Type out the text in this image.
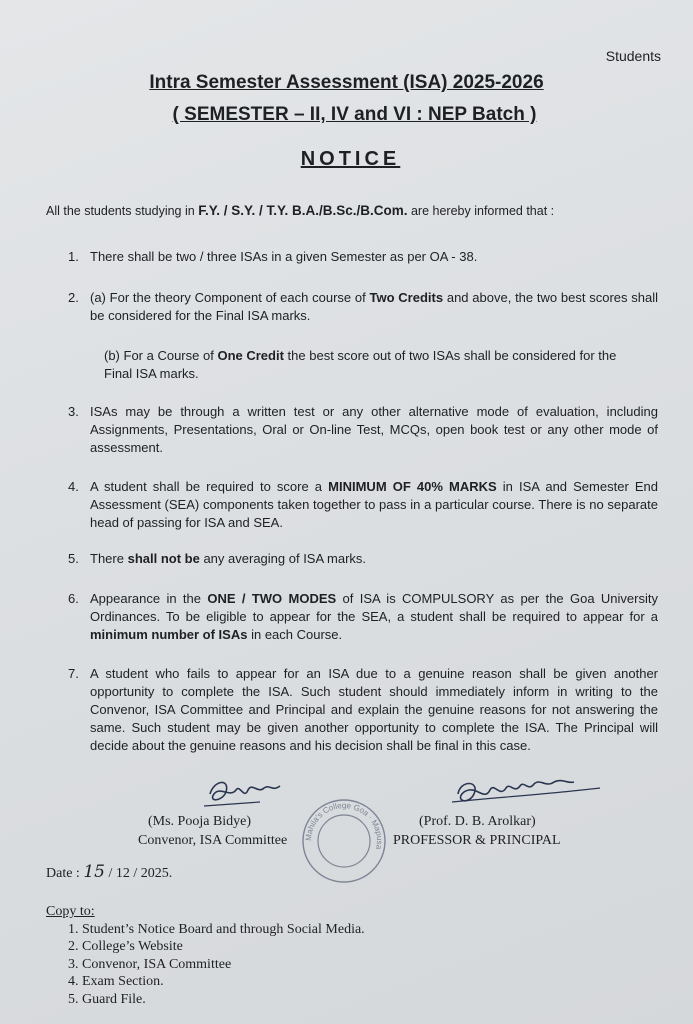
Students
Intra Semester Assessment (ISA) 2025-2026
( SEMESTER – II, IV and VI : NEP Batch )
NOTICE
All the students studying in F.Y. / S.Y. / T.Y. B.A./B.Sc./B.Com. are hereby informed that :
1. There shall be two / three ISAs in a given Semester as per OA - 38.
2. (a) For the theory Component of each course of Two Credits and above, the two best scores shall be considered for the Final ISA marks.
(b) For a Course of One Credit the best score out of two ISAs shall be considered for the Final ISA marks.
3. ISAs may be through a written test or any other alternative mode of evaluation, including Assignments, Presentations, Oral or On-line Test, MCQs, open book test or any other mode of assessment.
4. A student shall be required to score a MINIMUM OF 40% MARKS in ISA and Semester End Assessment (SEA) components taken together to pass in a particular course. There is no separate head of passing for ISA and SEA.
5. There shall not be any averaging of ISA marks.
6. Appearance in the ONE / TWO MODES of ISA is COMPULSORY as per the Goa University Ordinances. To be eligible to appear for the SEA, a student shall be required to appear for a minimum number of ISAs in each Course.
7. A student who fails to appear for an ISA due to a genuine reason shall be given another opportunity to complete the ISA. Such student should immediately inform in writing to the Convenor, ISA Committee and Principal and explain the genuine reasons for not answering the same. Such student may be given another opportunity to complete the ISA. The Principal will decide about the genuine reasons and his decision shall be final in this case.
Mahila's College Goa · Mapusa
(Ms. Pooja Bidye)
Convenor, ISA Committee
(Prof. D. B. Arolkar)
PROFESSOR & PRINCIPAL
Date : 15 / 12 / 2025.
Copy to:
1. Student’s Notice Board and through Social Media.
2. College’s Website
3. Convenor, ISA Committee
4. Exam Section.
5. Guard File.
